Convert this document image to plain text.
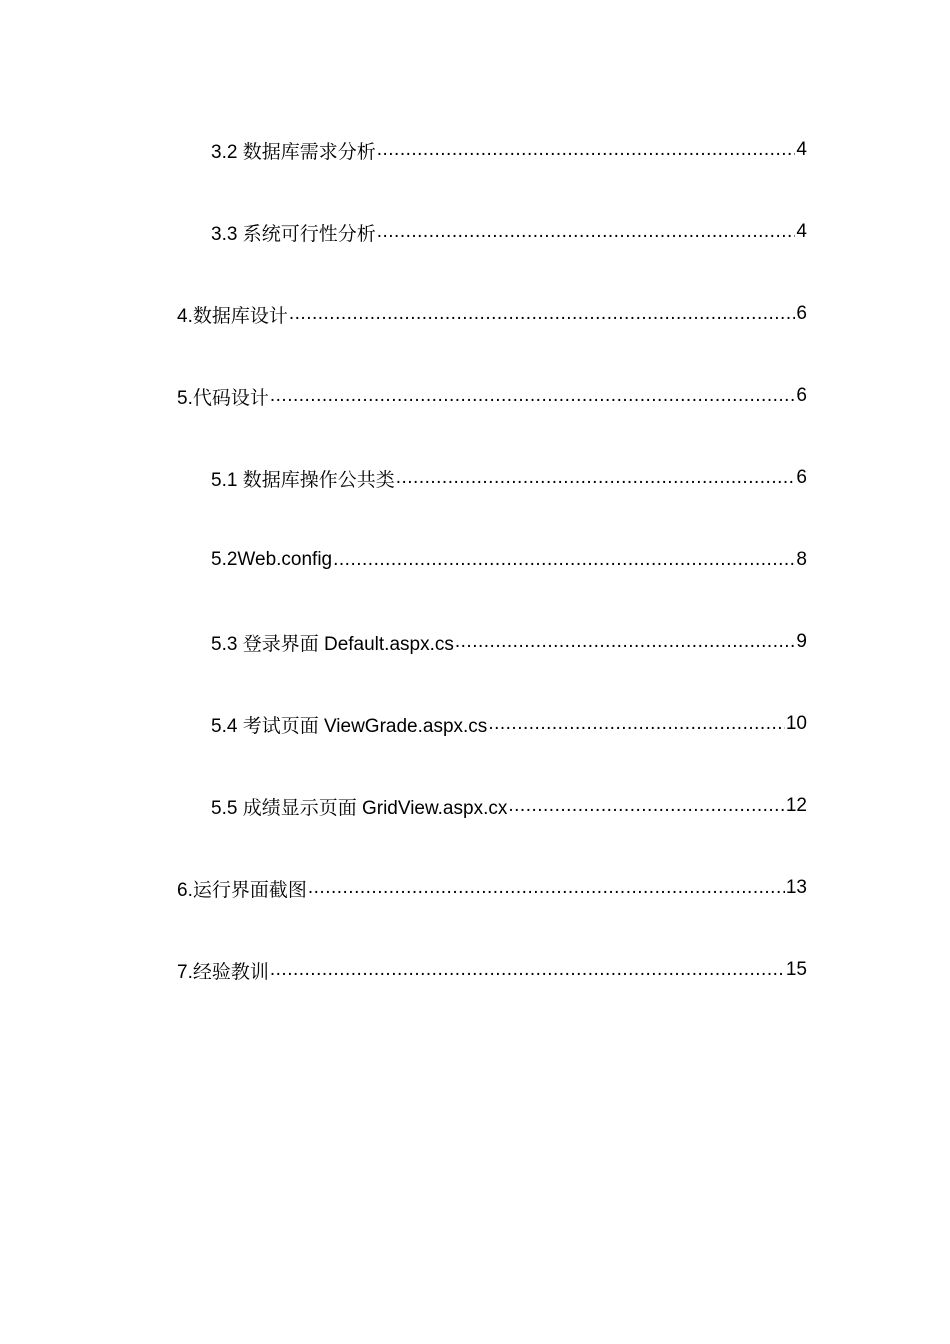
3.2 数据库需求分析 .....	4
3.3 系统可行性分析 .....	4
4.数据库设计 .....	6
5.代码设计 .....	6
5.1 数据库操作公共类 .....	6
5.2Web.config .....	8
5.3 登录界面 Default.aspx.cs .....	9
5.4 考试页面 ViewGrade.aspx.cs .....	10
5.5 成绩显示页面 GridView.aspx.cx .....	12
6.运行界面截图 .....	13
7.经验教训 .....	15
